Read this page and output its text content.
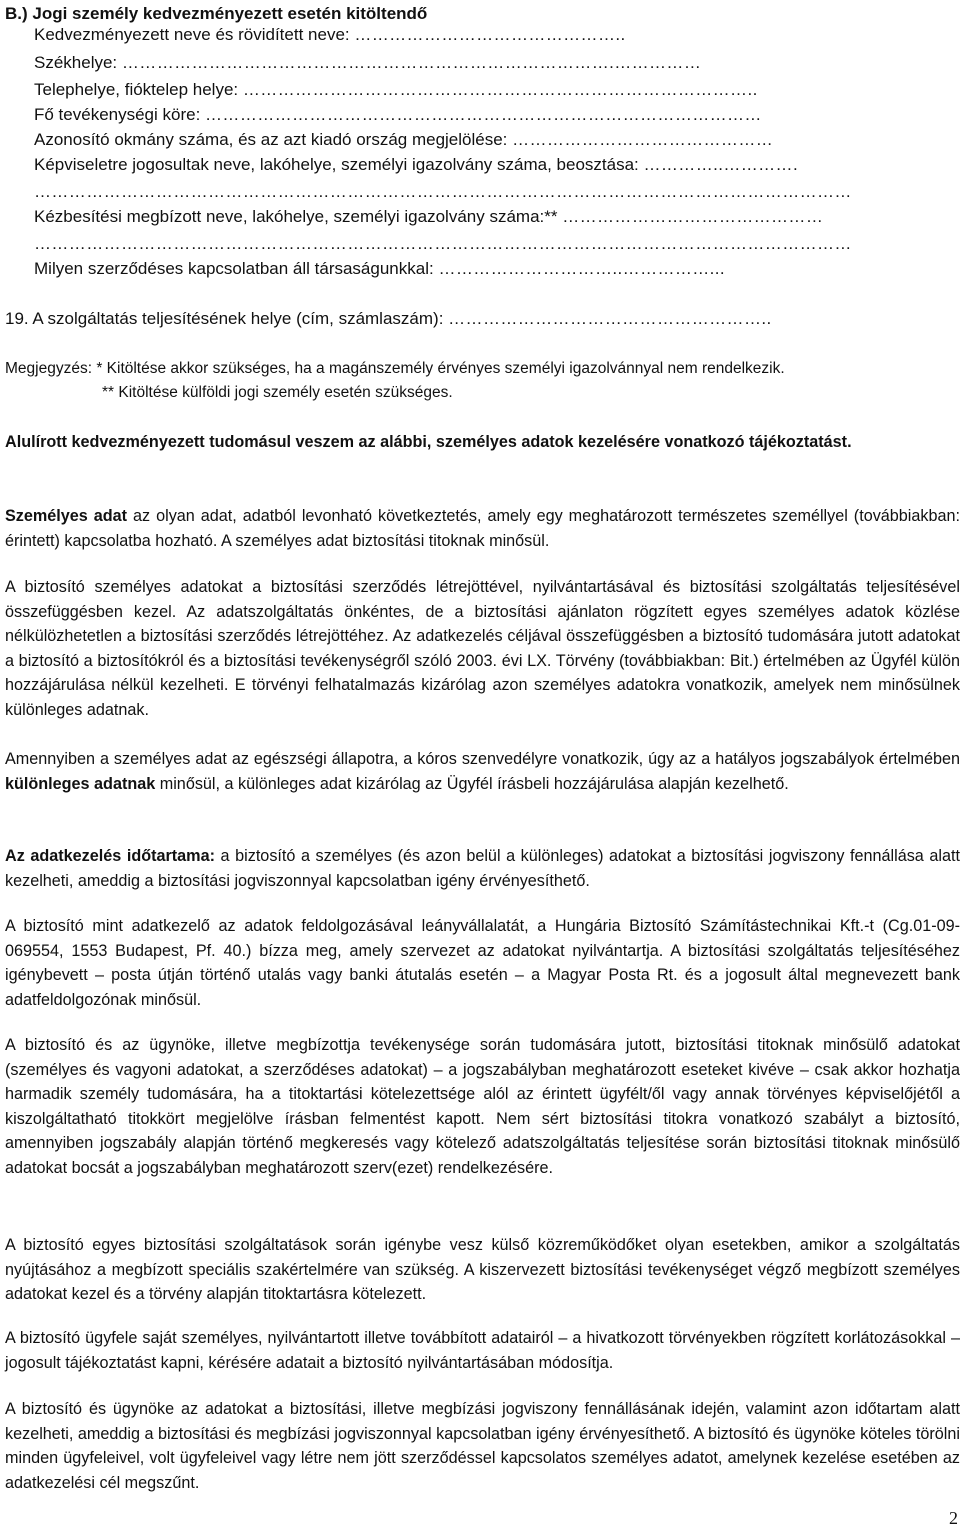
B.) Jogi személy kedvezményezett esetén kitöltendő
Kedvezményezett neve és rövidített neve: ………………………………………..
Székhelye: ………………………………………………………………………….……………
Telephelye, fióktelep helye: ……………………………………………………………………………..
Fő tevékenységi köre: ……………………………………………………………………………………
Azonosító okmány száma, és az azt kiadó ország megjelölése: ………………………………………
Képviseletre jogosultak neve, lakóhelye, személyi igazolvány száma, beosztása: …………..………….
……………………………………………………………………………………………………………………………
Kézbesítési megbízott neve, lakóhelye, személyi igazolvány száma:** ………………………………………
……………………………………………………………………………………………………………………………
Milyen szerződéses kapcsolatban áll társaságunkkal: …………………………..……………...
19. A szolgáltatás teljesítésének helye (cím, számlaszám): ………………………………………………..
Megjegyzés: * Kitöltése akkor szükséges, ha a magánszemély érvényes személyi igazolvánnyal nem rendelkezik.
** Kitöltése külföldi jogi személy esetén szükséges.

Alulírott kedvezményezett tudomásul veszem az alábbi, személyes adatok kezelésére vonatkozó tájékoztatást.

Személyes adat az olyan adat, adatból levonható következtetés, amely egy meghatározott természetes személlyel (továbbiakban: érintett) kapcsolatba hozható. A személyes adat biztosítási titoknak minősül.

A biztosító személyes adatokat a biztosítási szerződés létrejöttével, nyilvántartásával és biztosítási szolgáltatás teljesítésével összefüggésben kezel. Az adatszolgáltatás önkéntes, de a biztosítási ajánlaton rögzített egyes személyes adatok közlése nélkülözhetetlen a biztosítási szerződés létrejöttéhez. Az adatkezelés céljával összefüggésben a biztosító tudomására jutott adatokat a biztosító a biztosítókról és a biztosítási tevékenységről szóló 2003. évi LX. Törvény (továbbiakban: Bit.) értelmében az Ügyfél külön hozzájárulása nélkül kezelheti. E törvényi felhatalmazás kizárólag azon személyes adatokra vonatkozik, amelyek nem minősülnek különleges adatnak.

Amennyiben a személyes adat az egészségi állapotra, a kóros szenvedélyre vonatkozik, úgy az a hatályos jogszabályok értelmében különleges adatnak minősül, a különleges adat kizárólag az Ügyfél írásbeli hozzájárulása alapján kezelhető.

Az adatkezelés időtartama: a biztosító a személyes (és azon belül a különleges) adatokat a biztosítási jogviszony fennállása alatt kezelheti, ameddig a biztosítási jogviszonnyal kapcsolatban igény érvényesíthető.

A biztosító mint adatkezelő az adatok feldolgozásával leányvállalatát, a Hungária Biztosító Számítástechnikai Kft.-t (Cg.01-09-069554, 1553 Budapest, Pf. 40.) bízza meg, amely szervezet az adatokat nyilvántartja. A biztosítási szolgáltatás teljesítéséhez igénybevett – posta útján történő utalás vagy banki átutalás esetén – a Magyar Posta Rt. és a jogosult által megnevezett bank adatfeldolgozónak minősül.

A biztosító és az ügynöke, illetve megbízottja tevékenysége során tudomására jutott, biztosítási titoknak minősülő adatokat (személyes és vagyoni adatokat, a szerződéses adatokat) – a jogszabályban meghatározott eseteket kivéve – csak akkor hozhatja harmadik személy tudomására, ha a titoktartási kötelezettsége alól az érintett ügyfélt/ől vagy annak törvényes képviselőjétől a kiszolgáltatható titokkört megjelölve írásban felmentést kapott. Nem sért biztosítási titokra vonatkozó szabályt a biztosító, amennyiben jogszabály alapján történő megkeresés vagy kötelező adatszolgáltatás teljesítése során biztosítási titoknak minősülő adatokat bocsát a jogszabályban meghatározott szerv(ezet) rendelkezésére.

A biztosító egyes biztosítási szolgáltatások során igénybe vesz külső közreműködőket olyan esetekben, amikor a szolgáltatás nyújtásához a megbízott speciális szakértelmére van szükség. A kiszervezett biztosítási tevékenységet végző megbízott személyes adatokat kezel és a törvény alapján titoktartásra kötelezett.

A biztosító ügyfele saját személyes, nyilvántartott illetve továbbított adatairól – a hivatkozott törvényekben rögzített korlátozásokkal – jogosult tájékoztatást kapni, kérésére adatait a biztosító nyilvántartásában módosítja.

A biztosító és ügynöke az adatokat a biztosítási, illetve megbízási jogviszony fennállásának idején, valamint azon időtartam alatt kezelheti, ameddig a biztosítási és megbízási jogviszonnyal kapcsolatban igény érvényesíthető. A biztosító és ügynöke köteles törölni minden ügyfeleivel, volt ügyfeleivel vagy létre nem jött szerződéssel kapcsolatos személyes adatot, amelynek kezelése esetében az adatkezelési cél megszűnt.

2
